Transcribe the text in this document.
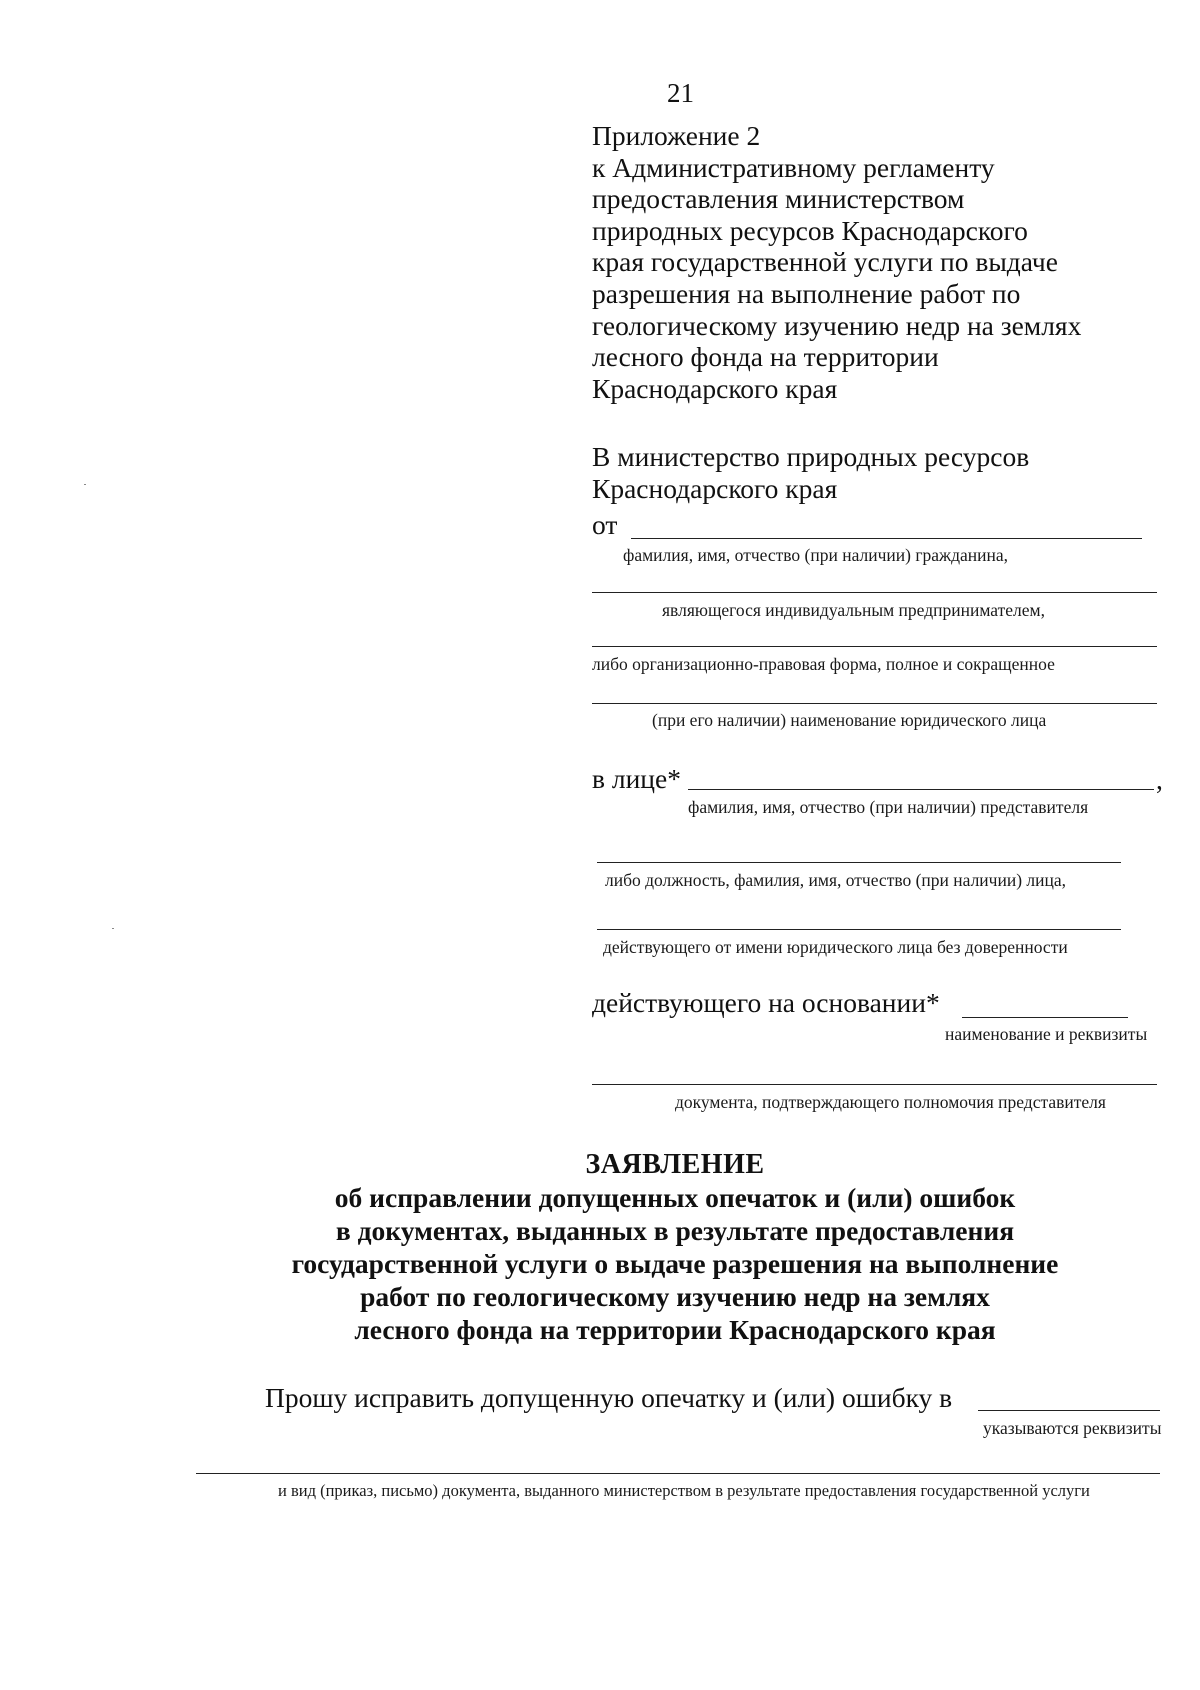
21
Приложение 2
к Административному регламенту
предоставления министерством
природных ресурсов Краснодарского
края государственной услуги по выдаче
разрешения на выполнение работ по
геологическому изучению недр на землях
лесного фонда на территории
Краснодарского края
В министерство природных ресурсов
Краснодарского края
от
фамилия, имя, отчество (при наличии) гражданина,
являющегося индивидуальным предпринимателем,
либо организационно-правовая форма, полное и сокращенное
(при его наличии) наименование юридического лица
в лице*	,
фамилия, имя, отчество (при наличии) представителя
либо должность, фамилия, имя, отчество (при наличии) лица,
действующего от имени юридического лица без доверенности
действующего на основании*
наименование и реквизиты
документа, подтверждающего полномочия представителя
ЗАЯВЛЕНИЕ
об исправлении допущенных опечаток и (или) ошибок
в документах, выданных в результате предоставления
государственной услуги о выдаче разрешения на выполнение
работ по геологическому изучению недр на землях
лесного фонда на территории Краснодарского края
Прошу исправить допущенную опечатку и (или) ошибку в
указываются реквизиты
и вид (приказ, письмо) документа, выданного министерством в результате предоставления государственной услуги
